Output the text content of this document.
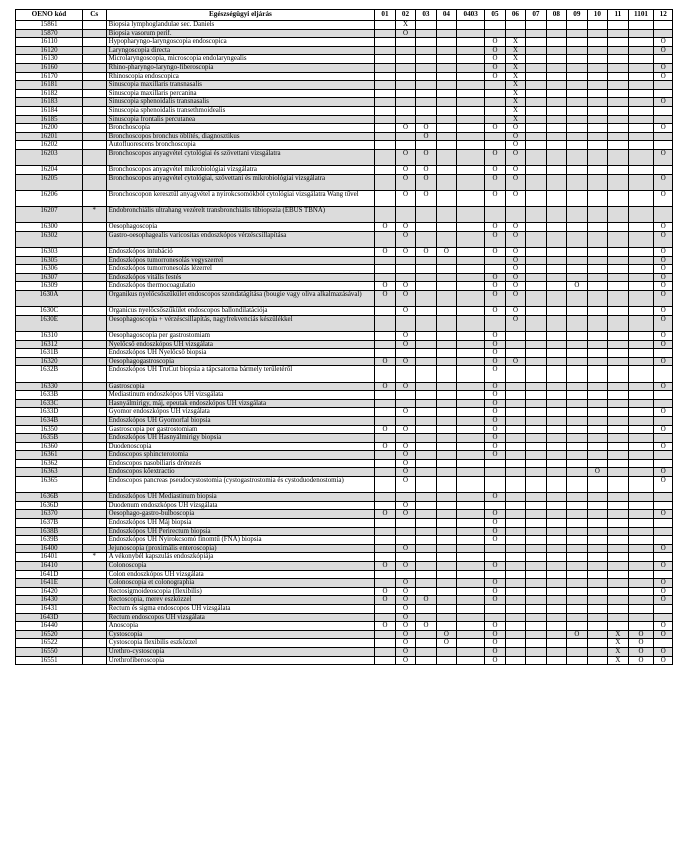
OENO kód	Cs	Egészségügyi eljárás	01	02	03	04	0403	05	06	07	08	09	10	11	1101	12
15861		Biopsia lymphoglandulae sec. Daniels		X												
15870		Biopsia vasorum perif.		O												
16110		Hypopharyngo-laryngoscopia endoscopica						O	X							O
16120		Laryngoscopia directa						O	X							O
16130		Microlaryngoscopia, microscopia endolaryngealis						O	X							
16160		Rhino-pharyngo-laryngo-fiberoscopia						O	X							O
16170		Rhinoscopia endoscopica						O	X							O
16181		Sinuscopia maxillaris transnasalis							X							
16182		Sinuscopia maxillaris percanina							X							
16183		Sinuscopia sphenoidalis transnasalis							X							O
16184		Sinuscopia sphenoidalis transethmoidealis							X							
16185		Sinuscopia frontalis percutanea							X							
16200		Bronchoscopia		O	O			O	O							O
16201		Bronchoscopos bronchus öblítés, diagnosztikus			O				O							
16202		Autofluorescens bronchoscopia							O							
16203		Bronchoscopos anyagvétel cytológiai és szövettani vizsgálatra		O	O			O	O							O
16204		Bronchoscopos anyagvétel mikrobiológiai vizsgálatra		O	O			O	O							
16205		Bronchoscopos anyagvétel cytológiai, szövettani és mikrobiológiai vizsgálatra		O	O			O	O							O
16206		Bronchoscopon keresztül anyagvétel a nyirokcsomókból cytológiai vizsgálatra Wang tűvel		O	O			O	O							O
16207	*	Endobronchiális ultrahang vezérelt transbronchiális tűbiopszia (EBUS TBNA)														
16300		Oesophagoscopia	O	O				O	O							O
16302		Gastro-oesophagealis varicositas endoszkópos vérzéscsillapítása		O				O	O							O
16303		Endoszkópos intubáció	O	O	O	O		O	O							O
16305		Endoszkópos tumorronesolás vegyszerrel							O							O
16306		Endoszkópos tumorronesolás lézerrel							O							O
16307		Endoszkópos vitális festés						O	O							O
16309		Endoszkópos thermocoagulatio	O	O				O	O			O				O
1630A		Organikus nyelőcsőszűkület endoscopos szondatágítása (bougie vagy oliva alkalmazásával)	O	O				O	O							O
1630C		Organicus nyelőcsőszűkület endoscopos ballondilatációja		O				O	O							O
1630E		Oesophagoscopia + vérzéscsillapítás, nagyfrekvenciás készülékkel							O							O
16310		Oesophagoscopia per gastrostomiam		O				O								O
16312		Nyelőcső endoszkópos UH vizsgálata		O				O								O
1631B		Endoszkópos UH Nyelőcső biopsia						O								
16320		Oesophagogastroscopia	O	O				O	O							O
1632B		Endoszkópos UH TruCut biopsia a tápcsatorna bármely területéről						O								
16330		Gastroscopia	O	O				O								O
1633B		Mediastinum endoszkópos UH vizsgálata						O								
1633C		Hasnyálmirigy, máj, epeutak endoszkópos UH vizsgálata						O								
1633D		Gyomor endoszkópos UH vizsgálata		O				O								O
1634B		Endoszkópos UH Gyomorfal biopsia						O								
16350		Gastroscopia per gastrostomiam	O	O				O								O
1635B		Endoszkópos UH Hasnyálmirigy biopsia						O								
16360		Duodenoscopia	O	O				O								O
16361		Endoscopos sphincterotomia		O				O								
16362		Endoscopos nasobiliaris drénezés		O												
16363		Endoscopos kőextractio		O									O			O
16365		Endoscopos pancreas pseudocystostomia (cystogastrostomia és cystoduodenostomia)		O												O
1636B		Endoszkópos UH Mediastinum biopsia						O								
1636D		Duodenum endoszkópos UH vizsgálata		O												
16370		Oesophago-gastro-bulboscopia	O	O				O								O
1637B		Endoszkópos UH Máj biopsia						O								
1638B		Endoszkópos UH Perirectum biopsia						O								
1639B		Endoszkópos UH Nyirokcsomó finomtű (FNA) biopsia						O								
16400		Jejunoscopia (proximális enteroscopia)		O												O
16401	*	A vékonybél kapszulás endoszkópiája														
16410		Colonoscopia	O	O				O								O
1641D		Colon endoszkópos UH vizsgálata														
1641E		Colonoscopia et colonographia		O				O								O
16420		Rectosigmoideoscopia (flexibilis)	O	O				O								O
16430		Rectoscopia, merev eszközzel	O	O	O			O								O
16431		Rectum és sigma endoscopos UH vizsgálata		O												
1643D		Rectum endoscopos UH vizsgálata		O												
16440		Anoscopia	O	O	O			O								O
16520		Cystoscopia		O		O		O				O		X	O	O
16522		Cystoscopia flexibilis eszközzel		O		O		O						X	O	
16550		Urethro-cystoscopia		O				O						X	O	O
16551		Urethrofiberoscopia		O				O						X	O	O
